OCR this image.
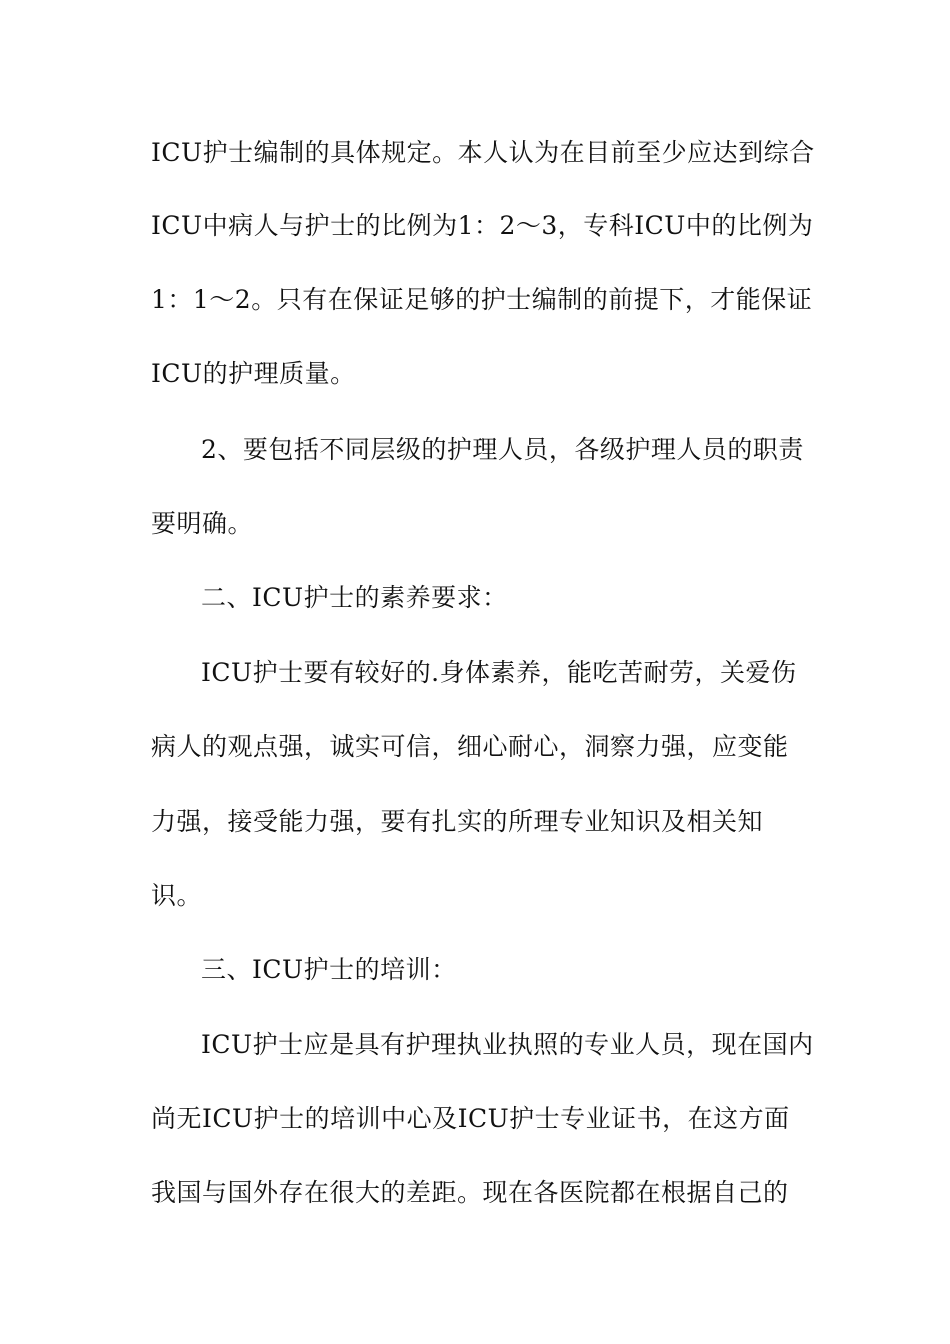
ICU护士编制的具体规定。本人认为在目前至少应达到综合
ICU中病人与护士的比例为1：2～3，专科ICU中的比例为
1：1～2。只有在保证足够的护士编制的前提下，才能保证
ICU的护理质量。
2、要包括不同层级的护理人员，各级护理人员的职责
要明确。
二、ICU护士的素养要求：
ICU护士要有较好的.身体素养，能吃苦耐劳，关爱伤
病人的观点强，诚实可信，细心耐心，洞察力强，应变能
力强，接受能力强，要有扎实的所理专业知识及相关知
识。
三、ICU护士的培训：
ICU护士应是具有护理执业执照的专业人员，现在国内
尚无ICU护士的培训中心及ICU护士专业证书，在这方面
我国与国外存在很大的差距。现在各医院都在根据自己的
